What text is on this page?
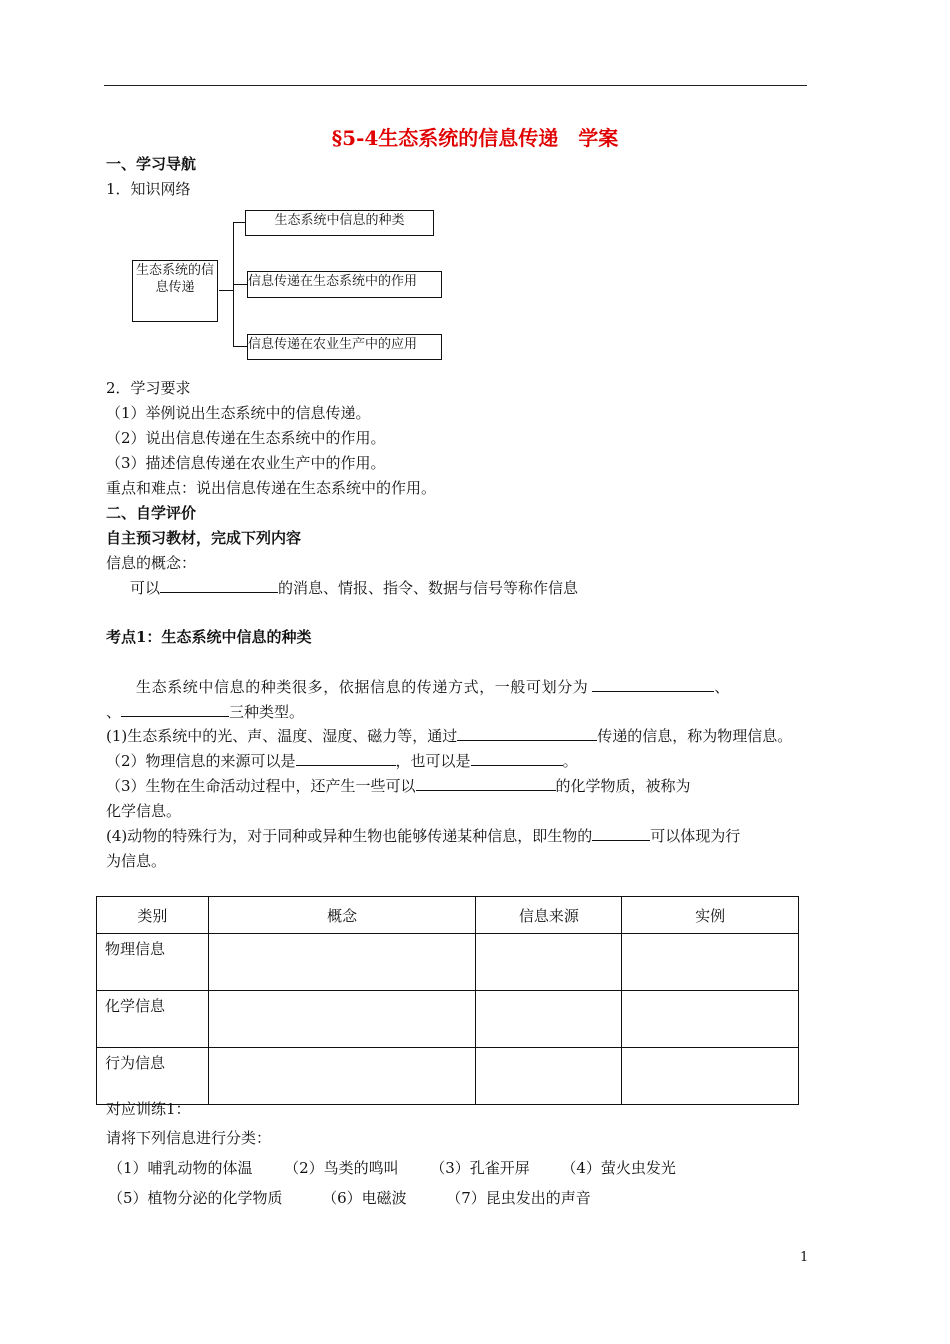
§5-4生态系统的信息传递　学案
一、学习导航
1．知识网络
生态系统的信息传递
生态系统中信息的种类
信息传递在生态系统中的作用
信息传递在农业生产中的应用
2．学习要求
（1）举例说出生态系统中的信息传递。
（2）说出信息传递在生态系统中的作用。
（3）描述信息传递在农业生产中的作用。
重点和难点：说出信息传递在生态系统中的作用。
二、自学评价
自主预习教材，完成下列内容
信息的概念：
可以	的消息、情报、指令、数据与信号等称作信息
考点1：生态系统中信息的种类
生态系统中信息的种类很多，依据信息的传递方式，一般可划分为	、
、	三种类型。
(1)生态系统中的光、声、温度、湿度、磁力等，通过	传递的信息，称为物理信息。
（2）物理信息的来源可以是	，也可以是	。
（3）生物在生命活动过程中，还产生一些可以	的化学物质，被称为
化学信息。
(4)动物的特殊行为，对于同种或异种生物也能够传递某种信息，即生物的	可以体现为行
为信息。
类别	概念	信息来源	实例
物理信息			
化学信息			
行为信息			
对应训练1：
请将下列信息进行分类：
（1）哺乳动物的体温 （2）鸟类的鸣叫 （3）孔雀开屏 （4）萤火虫发光
（5）植物分泌的化学物质	（6）电磁波	（7）昆虫发出的声音
1
